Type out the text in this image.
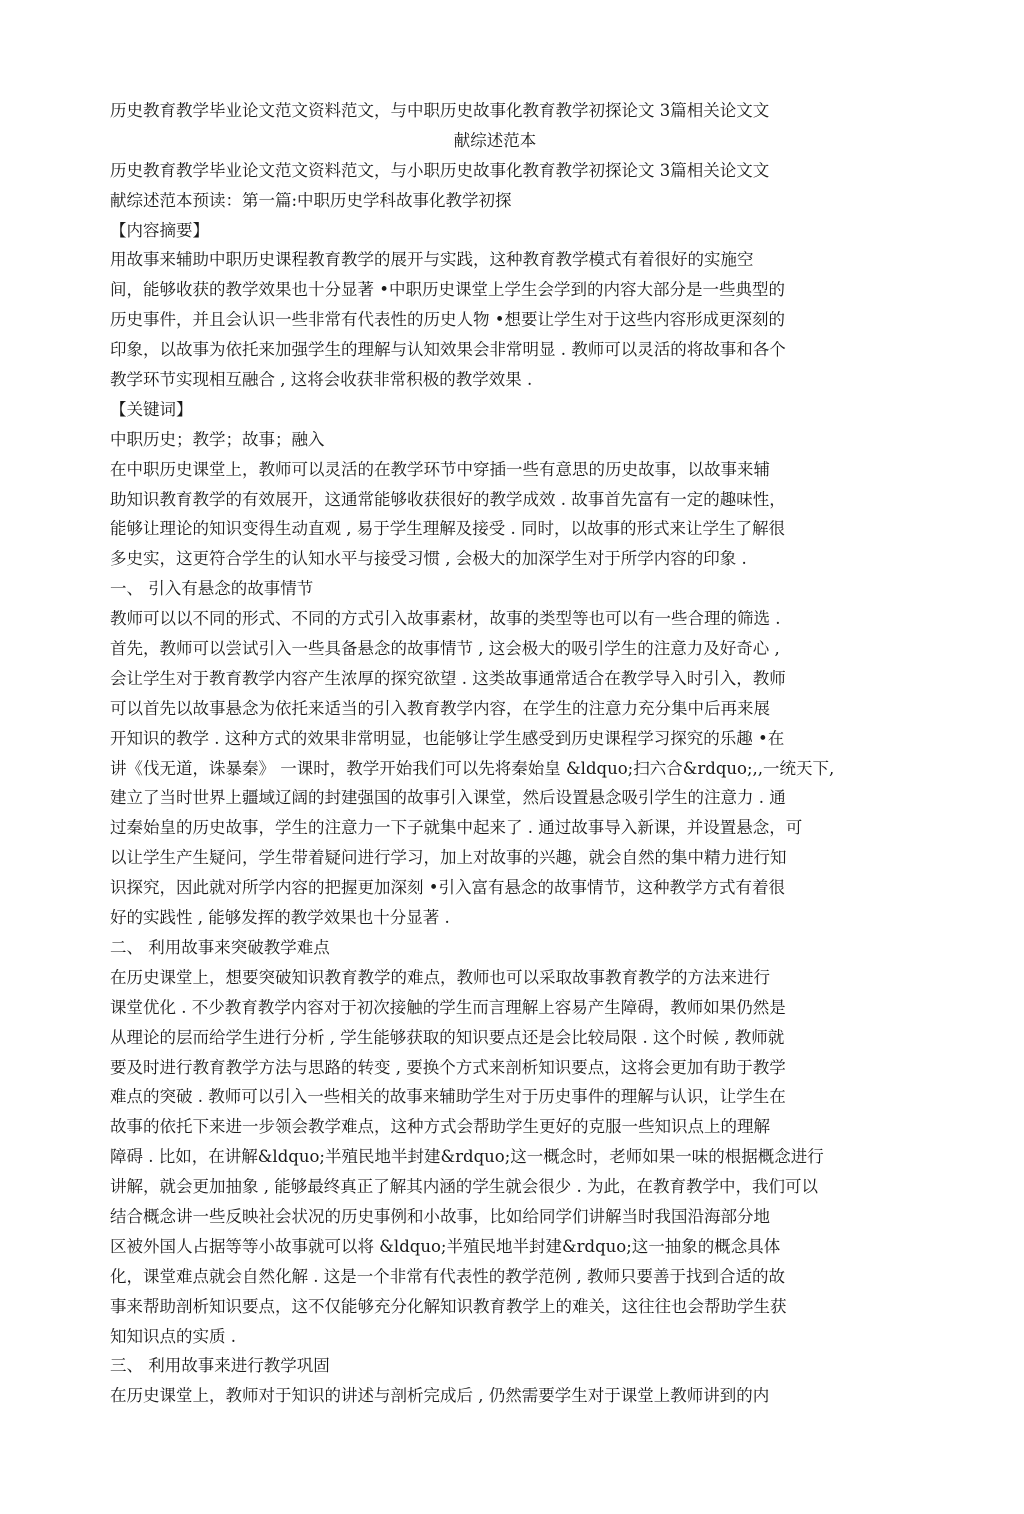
历史教育教学毕业论文范文资料范文，与中职历史故事化教育教学初探论文 3篇相关论文文
献综述范本
历史教育教学毕业论文范文资料范文，与小职历史故事化教育教学初探论文 3篇相关论文文
献综述范本预读：第一篇:中职历史学科故事化教学初探
【内容摘要】
用故事来辅助中职历史课程教育教学的展开与实践，这种教育教学模式有着很好的实施空
间，能够收获的教学效果也十分显著 •中职历史课堂上学生会学到的内容大部分是一些典型的
历史事件，并且会认识一些非常有代表性的历史人物 •想要让学生对于这些内容形成更深刻的
印象，以故事为依托来加强学生的理解与认知效果会非常明显 . 教师可以灵活的将故事和各个
教学环节实现相互融合 , 这将会收获非常积极的教学效果 .
【关键词】
中职历史；教学；故事；融入
在中职历史课堂上，教师可以灵活的在教学环节中穿插一些有意思的历史故事，以故事来辅
助知识教育教学的有效展开，这通常能够收获很好的教学成效 . 故事首先富有一定的趣味性，
能够让理论的知识变得生动直观 , 易于学生理解及接受 . 同时，以故事的形式来让学生了解很
多史实，这更符合学生的认知水平与接受习惯 , 会极大的加深学生对于所学内容的印象 .
一、 引入有悬念的故事情节
教师可以以不同的形式、不同的方式引入故事素材，故事的类型等也可以有一些合理的筛选 .
首先，教师可以尝试引入一些具备悬念的故事情节 , 这会极大的吸引学生的注意力及好奇心 ,
会让学生对于教育教学内容产生浓厚的探究欲望 . 这类故事通常适合在教学导入时引入，教师
可以首先以故事悬念为依托来适当的引入教育教学内容，在学生的注意力充分集中后再来展
开知识的教学 . 这种方式的效果非常明显，也能够让学生感受到历史课程学习探究的乐趣 •在
讲《伐无道，诛暴秦》 一课时，教学开始我们可以先将秦始皇 &ldquo;扫六合&rdquo;,,一统天下,
建立了当时世界上疆域辽阔的封建强国的故事引入课堂，然后设置悬念吸引学生的注意力 . 通
过秦始皇的历史故事，学生的注意力一下子就集中起来了 . 通过故事导入新课，并设置悬念，可
以让学生产生疑问，学生带着疑问进行学习，加上对故事的兴趣，就会自然的集中精力进行知
识探究，因此就对所学内容的把握更加深刻 •引入富有悬念的故事情节，这种教学方式有着很
好的实践性 , 能够发挥的教学效果也十分显著 .
二、 利用故事来突破教学难点
在历史课堂上，想要突破知识教育教学的难点，教师也可以采取故事教育教学的方法来进行
课堂优化 . 不少教育教学内容对于初次接触的学生而言理解上容易产生障碍，教师如果仍然是
从理论的层而给学生进行分析 , 学生能够获取的知识要点还是会比较局限 . 这个时候 , 教师就
要及时进行教育教学方法与思路的转变 , 要换个方式来剖析知识要点，这将会更加有助于教学
难点的突破 . 教师可以引入一些相关的故事来辅助学生对于历史事件的理解与认识，让学生在
故事的依托下来进一步领会教学难点，这种方式会帮助学生更好的克服一些知识点上的理解
障碍 . 比如，在讲解&ldquo;半殖民地半封建&rdquo;这一概念时，老师如果一味的根据概念进行
讲解，就会更加抽象 , 能够最终真正了解其内涵的学生就会很少 . 为此，在教育教学中，我们可以
结合概念讲一些反映社会状况的历史事例和小故事，比如给同学们讲解当时我国沿海部分地
区被外国人占据等等小故事就可以将 &ldquo;半殖民地半封建&rdquo;这一抽象的概念具体
化，课堂难点就会自然化解 . 这是一个非常有代表性的教学范例 , 教师只要善于找到合适的故
事来帮助剖析知识要点，这不仅能够充分化解知识教育教学上的难关，这往往也会帮助学生获
知知识点的实质 .
三、 利用故事来进行教学巩固
在历史课堂上，教师对于知识的讲述与剖析完成后 , 仍然需要学生对于课堂上教师讲到的内
